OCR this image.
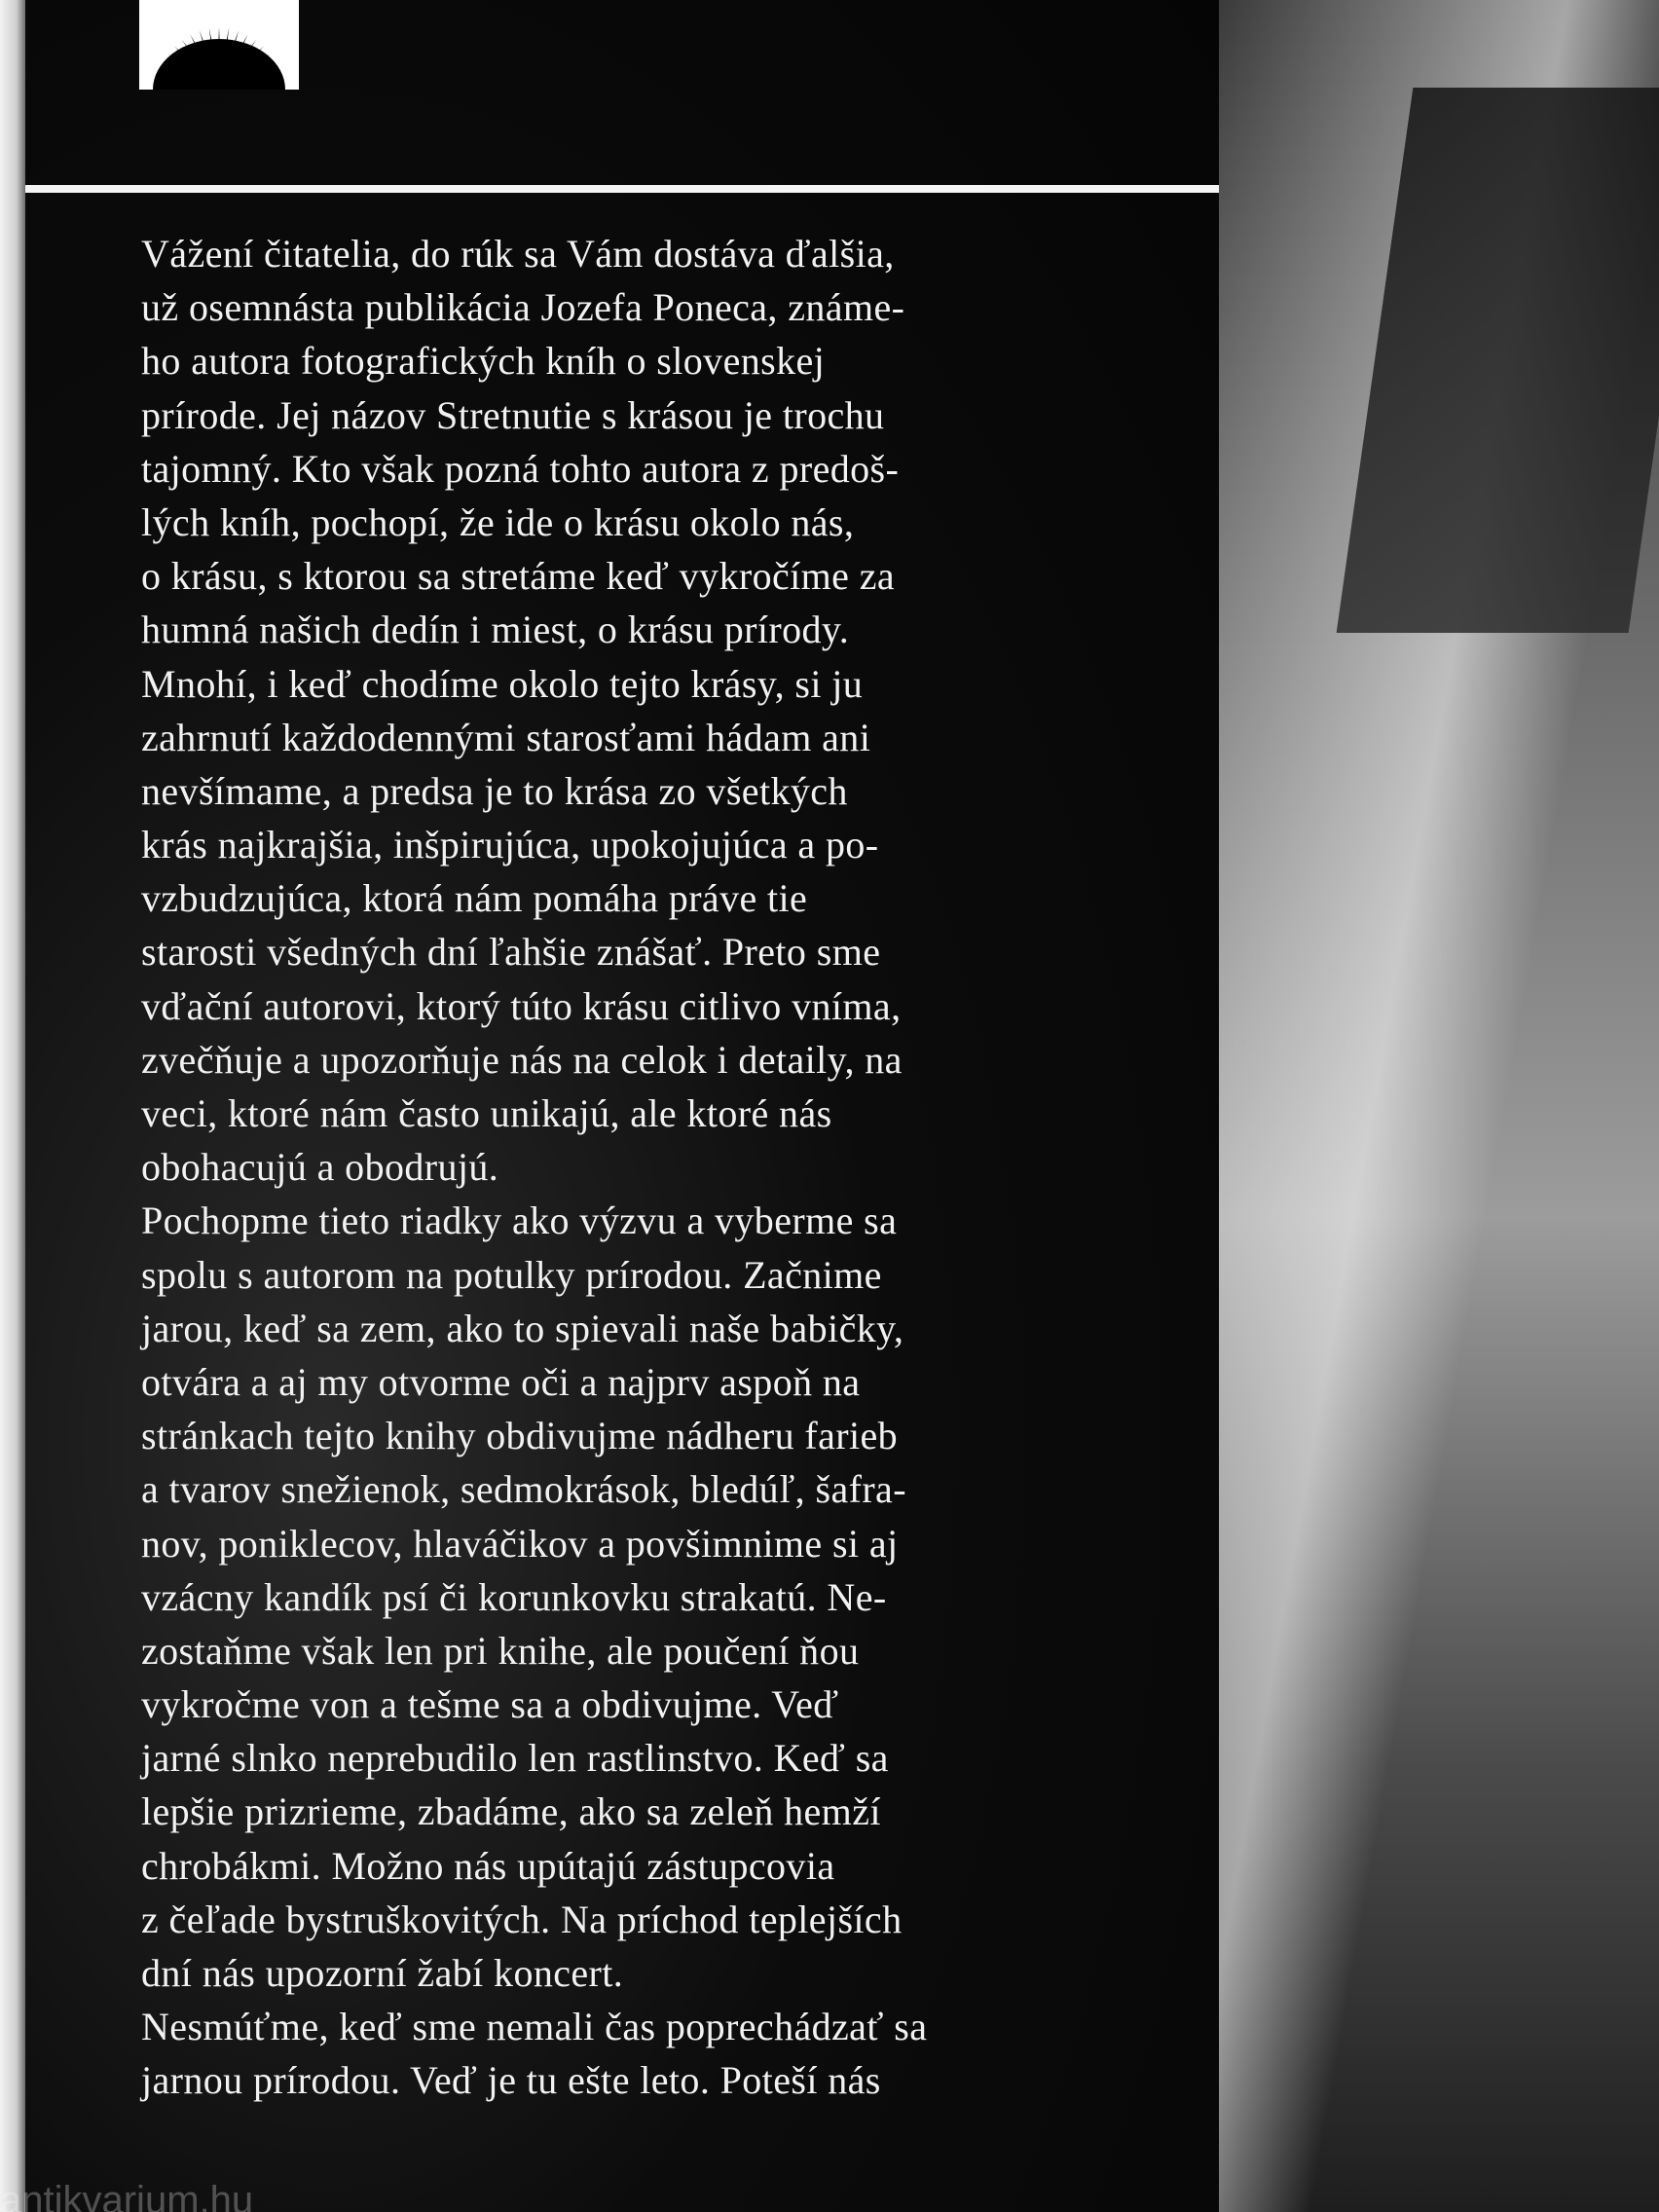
Vážení čitatelia, do rúk sa Vám dostáva ďalšia,
už osemnásta publikácia Jozefa Poneca, známe-
ho autora fotografických kníh o slovenskej
prírode. Jej názov Stretnutie s krásou je trochu
tajomný. Kto však pozná tohto autora z predoš-
lých kníh, pochopí, že ide o krásu okolo nás,
o krásu, s ktorou sa stretáme keď vykročíme za
humná našich dedín i miest, o krásu prírody.
Mnohí, i keď chodíme okolo tejto krásy, si ju
zahrnutí každodennými starosťami hádam ani
nevšímame, a predsa je to krása zo všetkých
krás najkrajšia, inšpirujúca, upokojujúca a po-
vzbudzujúca, ktorá nám pomáha práve tie
starosti všedných dní ľahšie znášať. Preto sme
vďační autorovi, ktorý túto krásu citlivo vníma,
zvečňuje a upozorňuje nás na celok i detaily, na
veci, ktoré nám často unikajú, ale ktoré nás
obohacujú a obodrujú.
Pochopme tieto riadky ako výzvu a vyberme sa
spolu s autorom na potulky prírodou. Začnime
jarou, keď sa zem, ako to spievali naše babičky,
otvára a aj my otvorme oči a najprv aspoň na
stránkach tejto knihy obdivujme nádheru farieb
a tvarov snežienok, sedmokrások, bledúľ, šafra-
nov, poniklecov, hlaváčikov a povšimnime si aj
vzácny kandík psí či korunkovku strakatú. Ne-
zostaňme však len pri knihe, ale poučení ňou
vykročme von a tešme sa a obdivujme. Veď
jarné slnko neprebudilo len rastlinstvo. Keď sa
lepšie prizrieme, zbadáme, ako sa zeleň hemží
chrobákmi. Možno nás upútajú zástupcovia
z čeľade bystruškovitých. Na príchod teplejších
dní nás upozorní žabí koncert.
Nesmúťme, keď sme nemali čas poprechádzať sa
jarnou prírodou. Veď je tu ešte leto. Poteší nás
antikvarium.hu
